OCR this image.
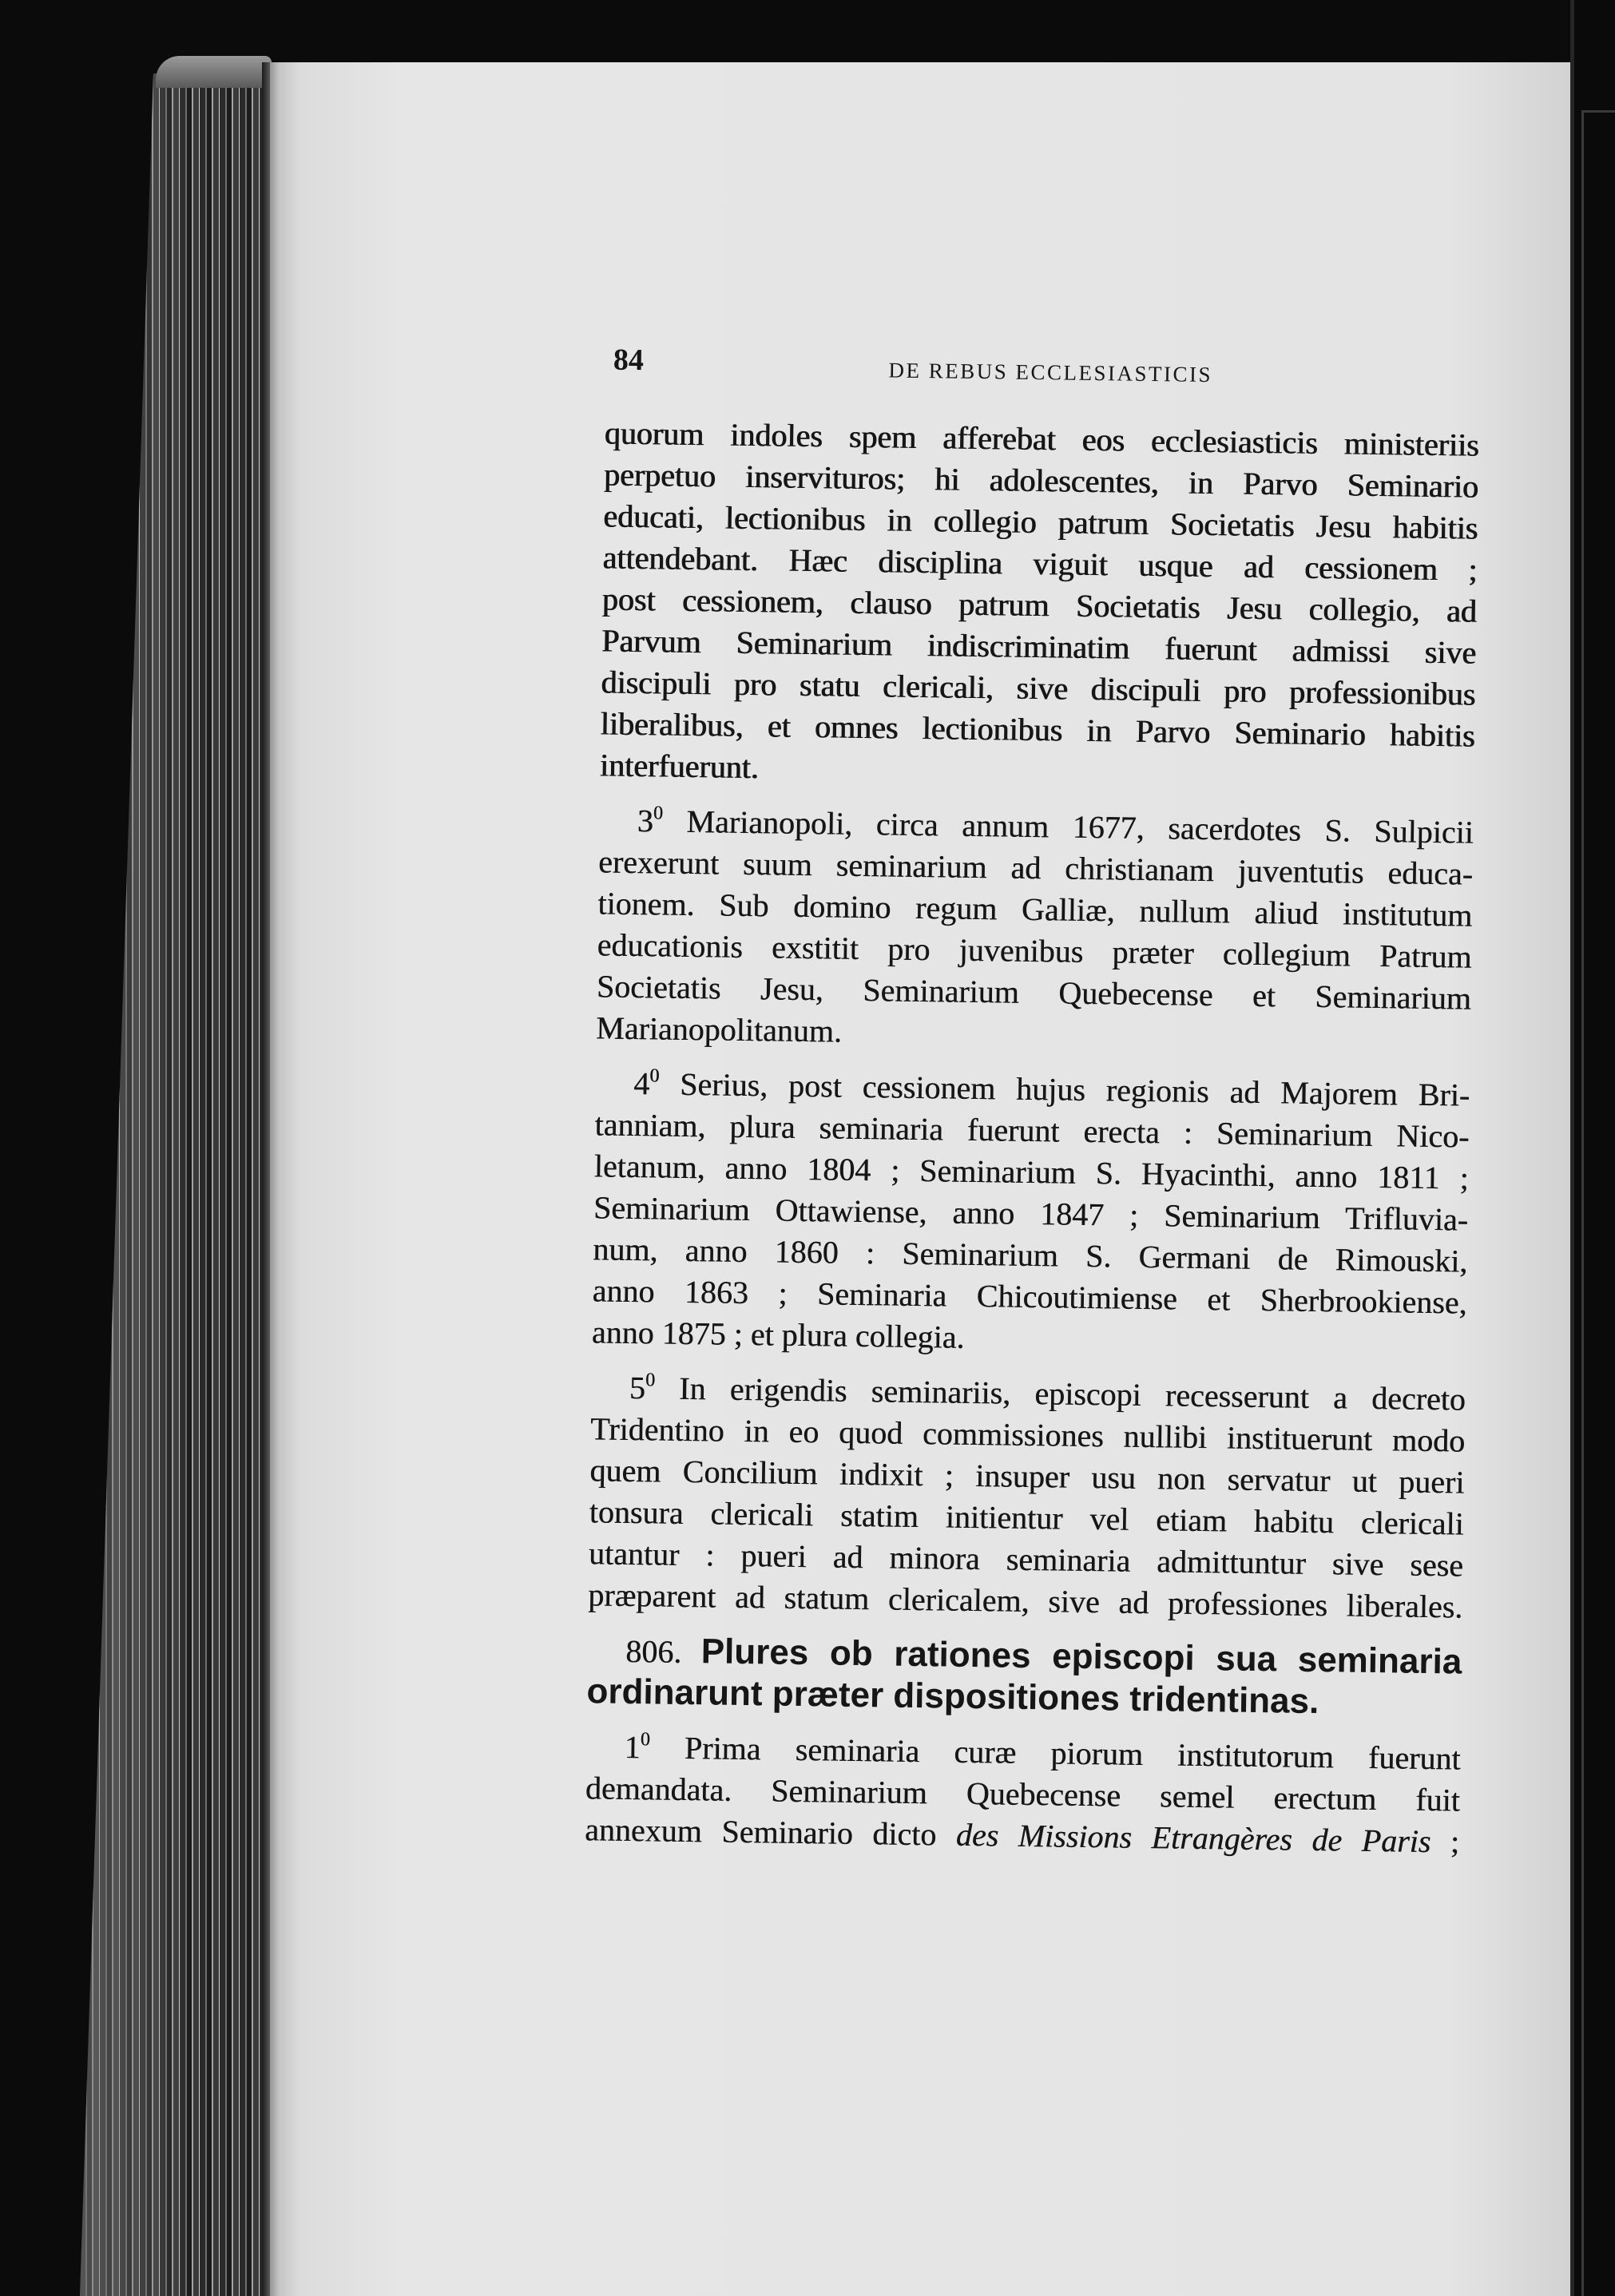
84	DE REBUS ECCLESIASTICIS
quorum indoles spem afferebat eos ecclesiasticis ministeriis
perpetuo inservituros; hi adolescentes, in Parvo Seminario
educati, lectionibus in collegio patrum Societatis Jesu habitis
attendebant. Hæc disciplina viguit usque ad cessionem ;
post cessionem, clauso patrum Societatis Jesu collegio, ad
Parvum Seminarium indiscriminatim fuerunt admissi sive
discipuli pro statu clericali, sive discipuli pro professionibus
liberalibus, et omnes lectionibus in Parvo Seminario habitis
interfuerunt.
$3^0$ Marianopoli, circa annum 1677, sacerdotes S. Sulpicii
erexerunt suum seminarium ad christianam juventutis educa-
tionem. Sub domino regum Galliæ, nullum aliud institutum
educationis exstitit pro juvenibus præter collegium Patrum
Societatis Jesu, Seminarium Quebecense et Seminarium
Marianopolitanum.
$4^0$ Serius, post cessionem hujus regionis ad Majorem Bri-
tanniam, plura seminaria fuerunt erecta : Seminarium Nico-
letanum, anno 1804 ; Seminarium S. Hyacinthi, anno 1811 ;
Seminarium Ottawiense, anno 1847 ; Seminarium Trifluvia-
num, anno 1860 : Seminarium S. Germani de Rimouski,
anno 1863 ; Seminaria Chicoutimiense et Sherbrookiense,
anno 1875 ; et plura collegia.
$5^0$ In erigendis seminariis, episcopi recesserunt a decreto
Tridentino in eo quod commissiones nullibi instituerunt modo
quem Concilium indixit ; insuper usu non servatur ut pueri
tonsura clericali statim initientur vel etiam habitu clericali
utantur : pueri ad minora seminaria admittuntur sive sese
præparent ad statum clericalem, sive ad professiones liberales.
806. Plures ob rationes episcopi sua seminaria
ordinarunt præter dispositiones tridentinas.
$1^0$ Prima seminaria curæ piorum institutorum fuerunt
demandata. Seminarium Quebecense semel erectum fuit
annexum Seminario dicto des Missions Etrangères de Paris ;
